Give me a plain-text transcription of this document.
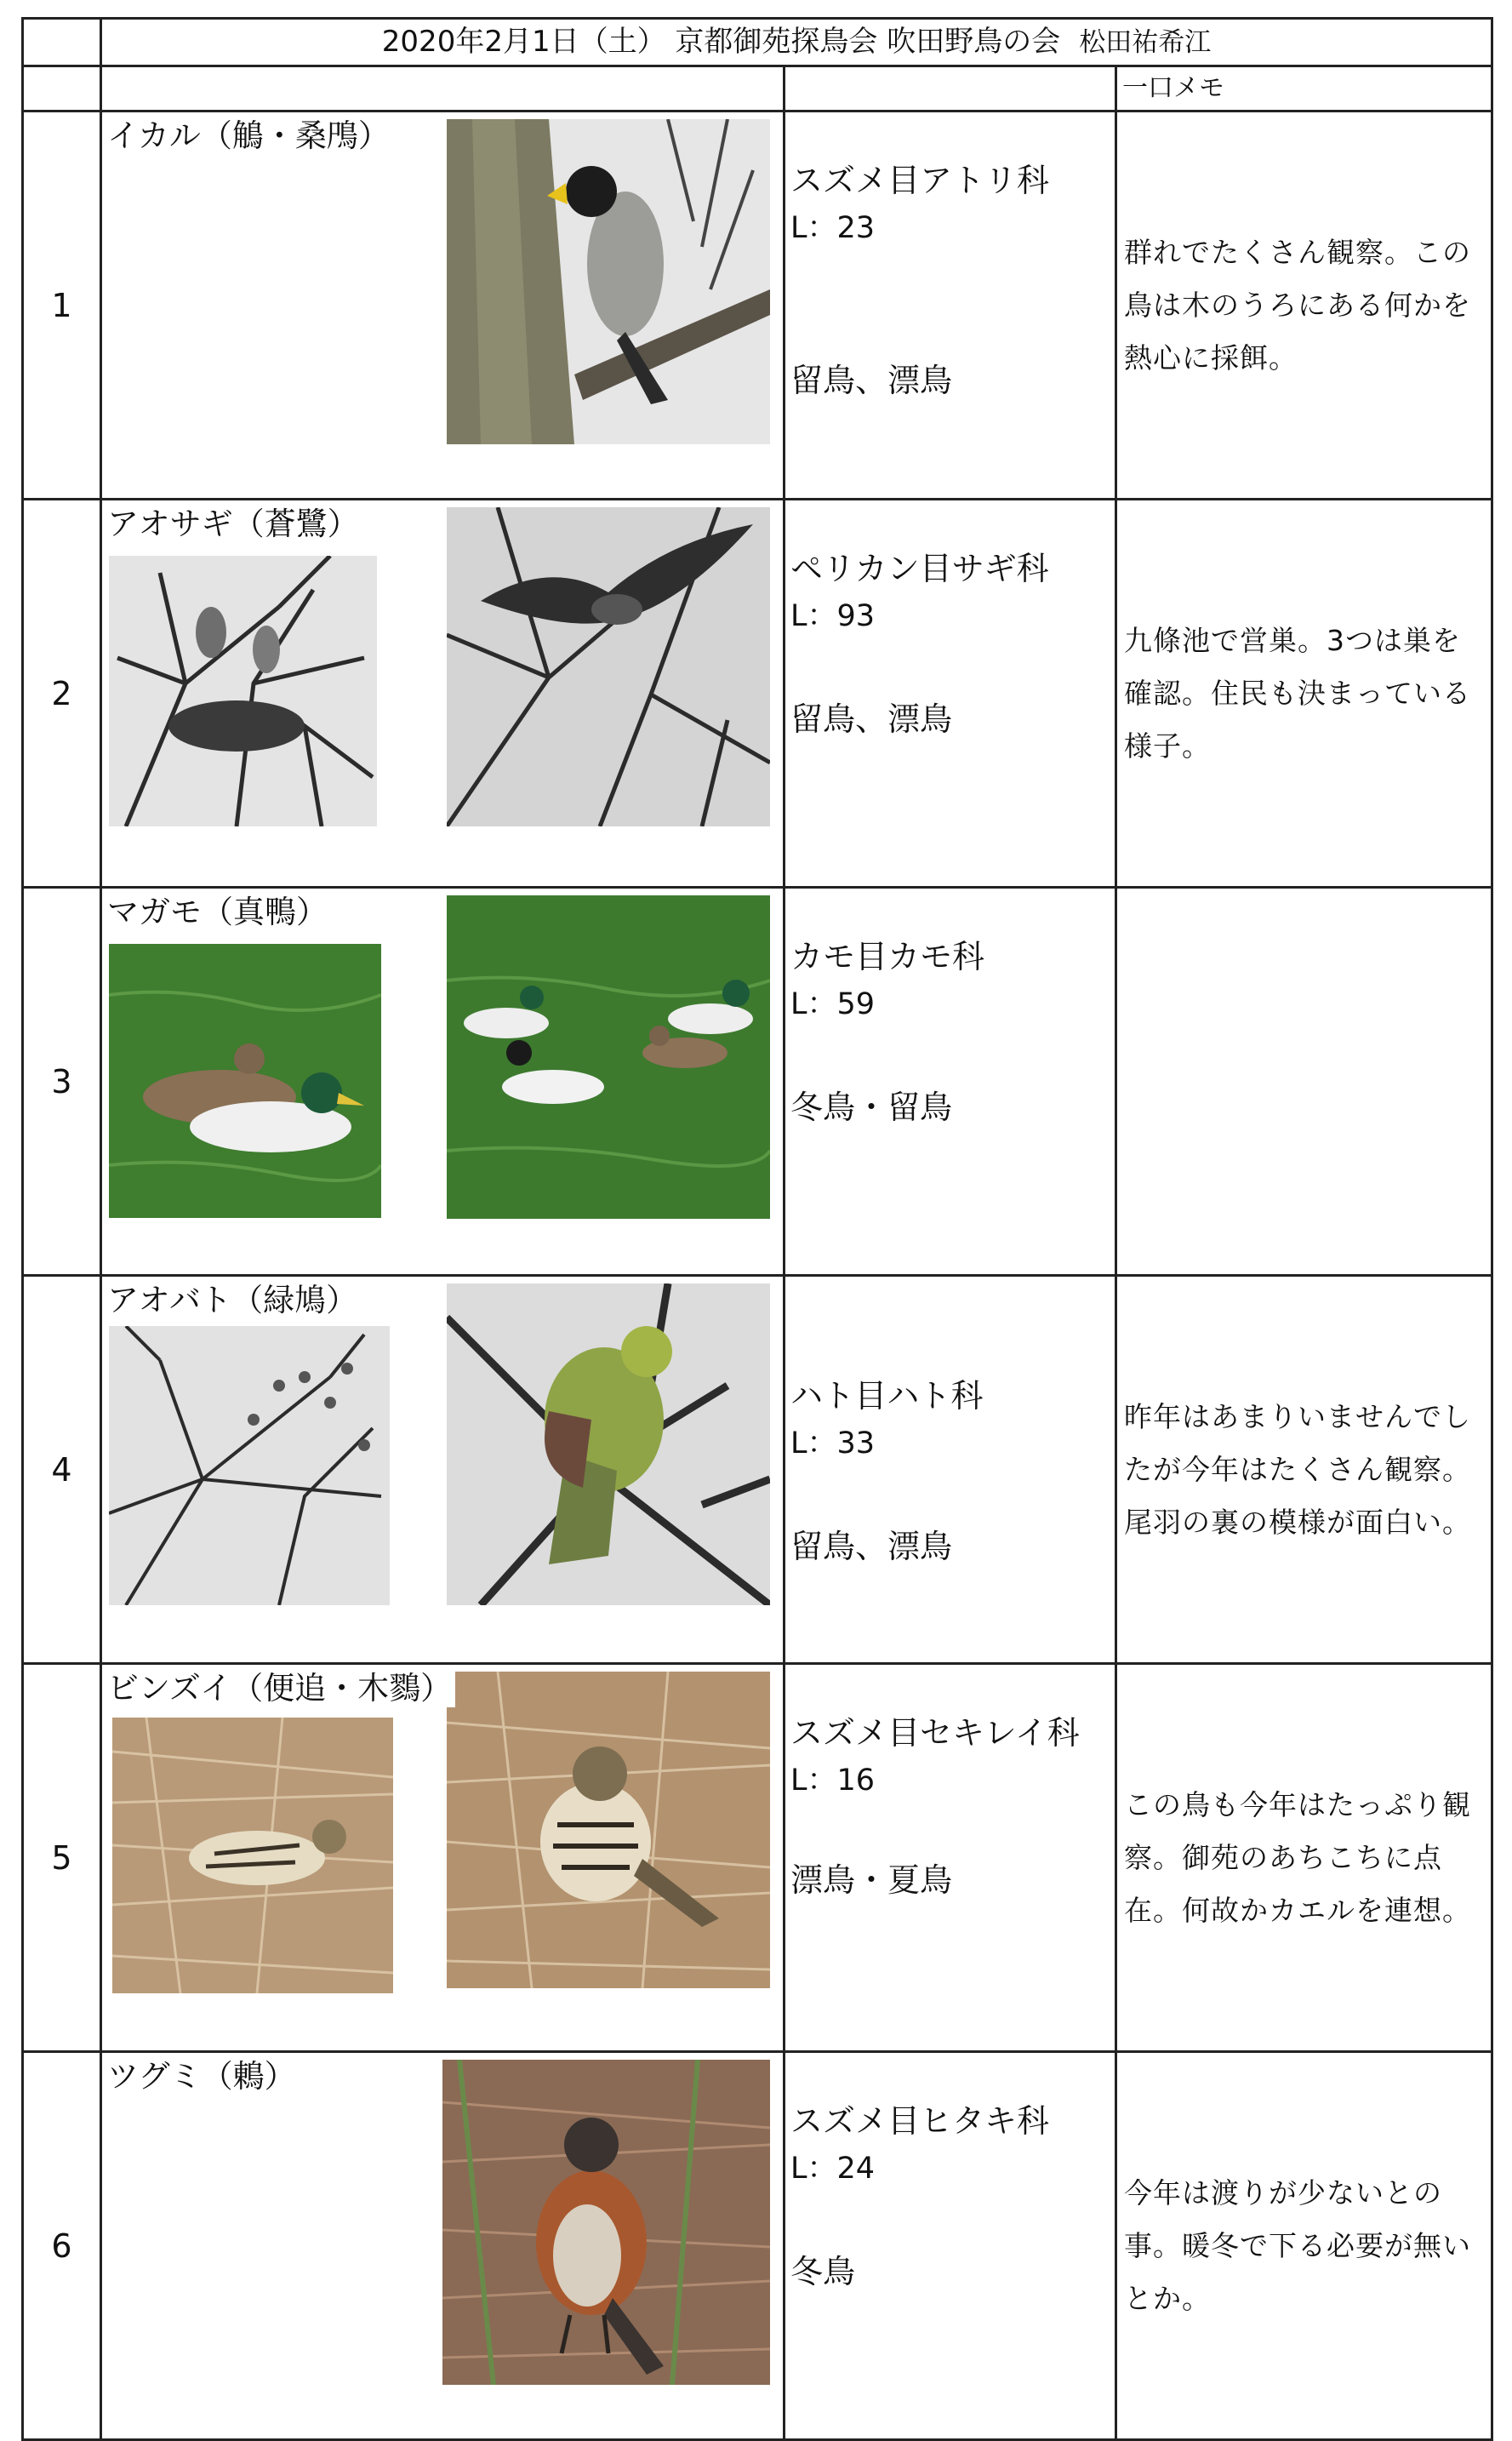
	2020年2月1日（土） 京都御苑探鳥会 吹田野鳥の会 松田祐希江		
			一口メモ
1	イカル（鵤・桑鳲）	スズメ目アトリ科
L：23
留鳥、漂鳥	群れでたくさん観察。この鳥は木のうろにある何かを熱心に採餌。
2	アオサギ（蒼鷺）	ペリカン目サギ科
L：93
留鳥、漂鳥	九條池で営巣。3つは巣を確認。住民も決まっている様子。
3	マガモ（真鴨）	カモ目カモ科
L：59
冬鳥・留鳥	

4	アオバト（緑鳩）	ハト目ハト科
L：33
留鳥、漂鳥	昨年はあまりいませんでしたが今年はたくさん観察。尾羽の裏の模様が面白い。
5	ビンズイ（便追・木鷚）	スズメ目セキレイ科
L：16
漂鳥・夏鳥	この鳥も今年はたっぷり観察。御苑のあちこちに点在。何故かカエルを連想。
6	ツグミ（鶇）	スズメ目ヒタキ科
L：24
冬鳥	今年は渡りが少ないとの事。暖冬で下る必要が無いとか。
